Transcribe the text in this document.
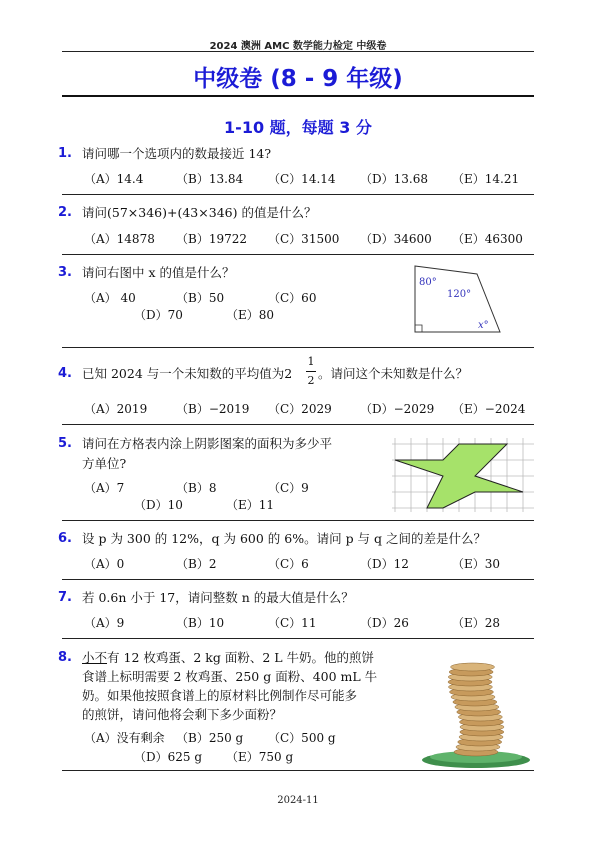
2024 澳洲 AMC 数学能力检定 中级卷
中级卷 (8 - 9 年级)
1-10 题，每题 3 分
1. 请问哪一个选项内的数最接近 14?
（A）14.4	（B）13.84 （C）14.14 （D）13.68 （E）14.21
2. 请问(57×346)+(43×346) 的值是什么？
（A）14878 （B）19722 （C）31500 （D）34600 （E）46300
3. 请问右图中 x 的值是什么？
（A） 40	（B）50	（C）60
（D）70	（E）80
80°
120°
x°
4. 已知 2024 与一个未知数的平均值为2
1
2 。请问这个未知数是什么？
（A）2019 （B）−2019 （C）2029 （D）−2029 （E）−2024
5. 请问在方格表内涂上阴影图案的面积为多少平
方单位?
（A）7	（B）8	（C）9
（D）10	（E）11
6. 设 p 为 300 的 12%，q 为 600 的 6%。请问 p 与 q 之间的差是什么？
（A）0	（B）2	（C）6	（D）12	（E）30
7. 若 0.6n 小于 17，请问整数 n 的最大值是什么？
（A）9	（B）10	（C）11	（D）26	（E）28
8. 小不有 12 枚鸡蛋、2 kg 面粉、2 L 牛奶。他的煎饼
食谱上标明需要 2 枚鸡蛋、250 g 面粉、400 mL 牛
奶。如果他按照食谱上的原材料比例制作尽可能多
的煎饼，请问他将会剩下多少面粉？
（A）没有剩余 （B）250 g （C）500 g
（D）625 g （E）750 g
2024-11
